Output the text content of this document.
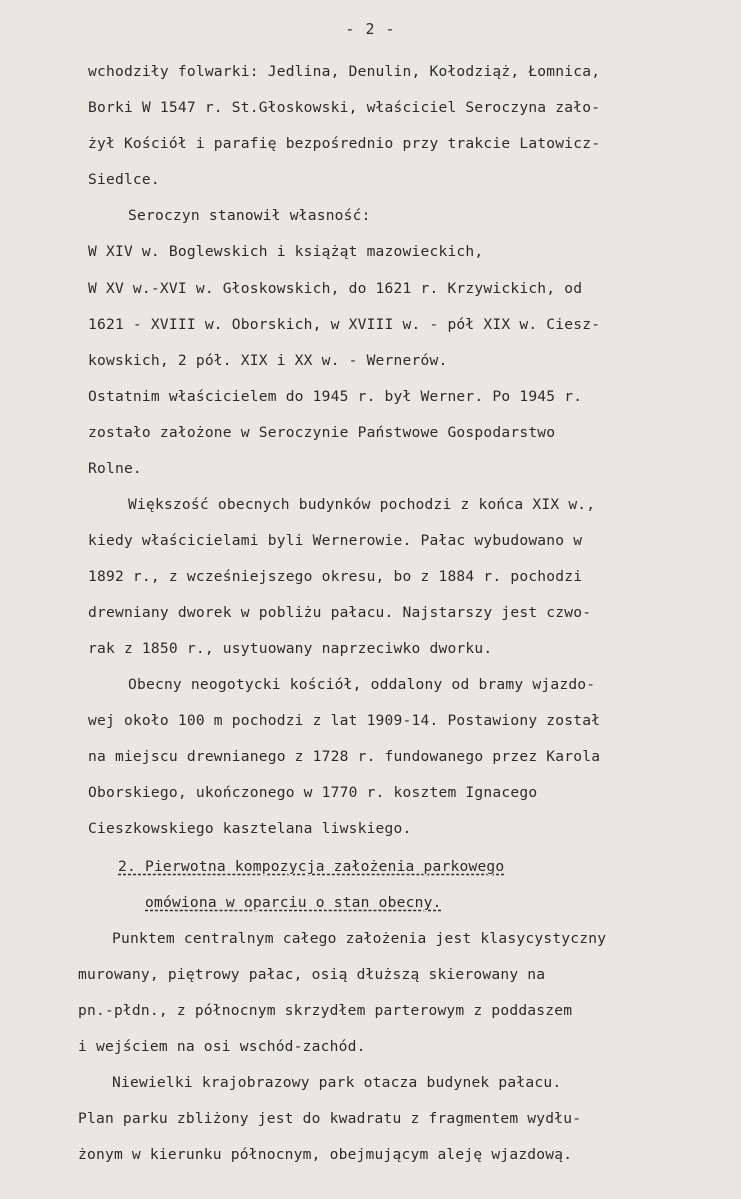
- 2 -
wchodziły folwarki: Jedlina, Denulin, Kołodziąż, Łomnica,
Borki W 1547 r. St.Głoskowski, właściciel Seroczyna zało-
żył Kościół i parafię bezpośrednio przy trakcie Latowicz-
Siedlce.
Seroczyn stanowił własność:
W XIV w. Boglewskich i książąt mazowieckich,
W XV w.-XVI w. Głoskowskich, do 1621 r. Krzywickich, od
1621 - XVIII w. Oborskich, w XVIII w. - pół XIX w. Ciesz-
kowskich, 2 pół. XIX i XX w. - Wernerów.
Ostatnim właścicielem do 1945 r. był Werner. Po 1945 r.
zostało założone w Seroczynie Państwowe Gospodarstwo
Rolne.
Większość obecnych budynków pochodzi z końca XIX w.,
kiedy właścicielami byli Wernerowie. Pałac wybudowano w
1892 r., z wcześniejszego okresu, bo z 1884 r. pochodzi
drewniany dworek w pobliżu pałacu. Najstarszy jest czwo-
rak z 1850 r., usytuowany naprzeciwko dworku.
Obecny neogotycki kościół, oddalony od bramy wjazdo-
wej około 100 m pochodzi z lat 1909-14. Postawiony został
na miejscu drewnianego z 1728 r. fundowanego przez Karola
Oborskiego, ukończonego w 1770 r. kosztem Ignacego
Cieszkowskiego kasztelana liwskiego.
2. Pierwotna kompozycja założenia parkowego
omówiona w oparciu o stan obecny.
Punktem centralnym całego założenia jest klasycystyczny
murowany, piętrowy pałac, osią dłuższą skierowany na
pn.-płdn., z północnym skrzydłem parterowym z poddaszem
i wejściem na osi wschód-zachód.
Niewielki krajobrazowy park otacza budynek pałacu.
Plan parku zbliżony jest do kwadratu z fragmentem wydłu-
żonym w kierunku północnym, obejmującym aleję wjazdową.
